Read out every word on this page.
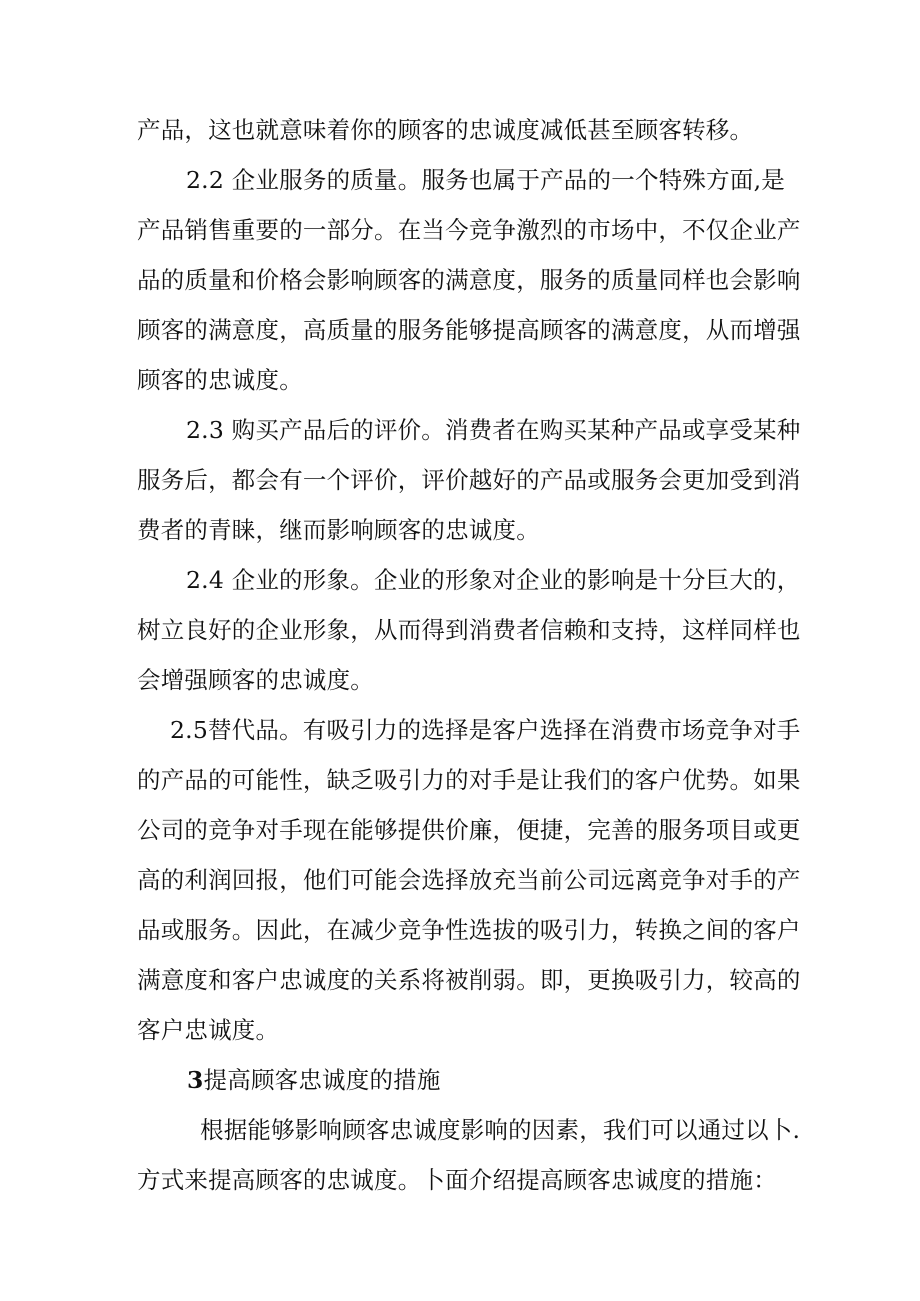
产品，这也就意味着你的顾客的忠诚度减低甚至顾客转移。
2.2 企业服务的质量。服务也属于产品的一个特殊方面,是
产品销售重要的一部分。在当今竞争激烈的市场中，不仅企业产
品的质量和价格会影响顾客的满意度，服务的质量同样也会影响
顾客的满意度，高质量的服务能够提高顾客的满意度，从而增强
顾客的忠诚度。
2.3 购买产品后的评价。消费者在购买某种产品或享受某种
服务后，都会有一个评价，评价越好的产品或服务会更加受到消
费者的青睐，继而影响顾客的忠诚度。
2.4 企业的形象。企业的形象对企业的影响是十分巨大的，
树立良好的企业形象，从而得到消费者信赖和支持，这样同样也
会增强顾客的忠诚度。
2.5替代品。有吸引力的选择是客户选择在消费市场竞争对手
的产品的可能性，缺乏吸引力的对手是让我们的客户优势。如果
公司的竞争对手现在能够提供价廉，便捷，完善的服务项目或更
高的利润回报，他们可能会选择放充当前公司远离竞争对手的产
品或服务。因此，在减少竞争性选拔的吸引力，转换之间的客户
满意度和客户忠诚度的关系将被削弱。即，更换吸引力，较高的
客户忠诚度。
3提高顾客忠诚度的措施
根据能够影响顾客忠诚度影响的因素，我们可以通过以卜.
方式来提高顾客的忠诚度。卜面介绍提高顾客忠诚度的措施：
